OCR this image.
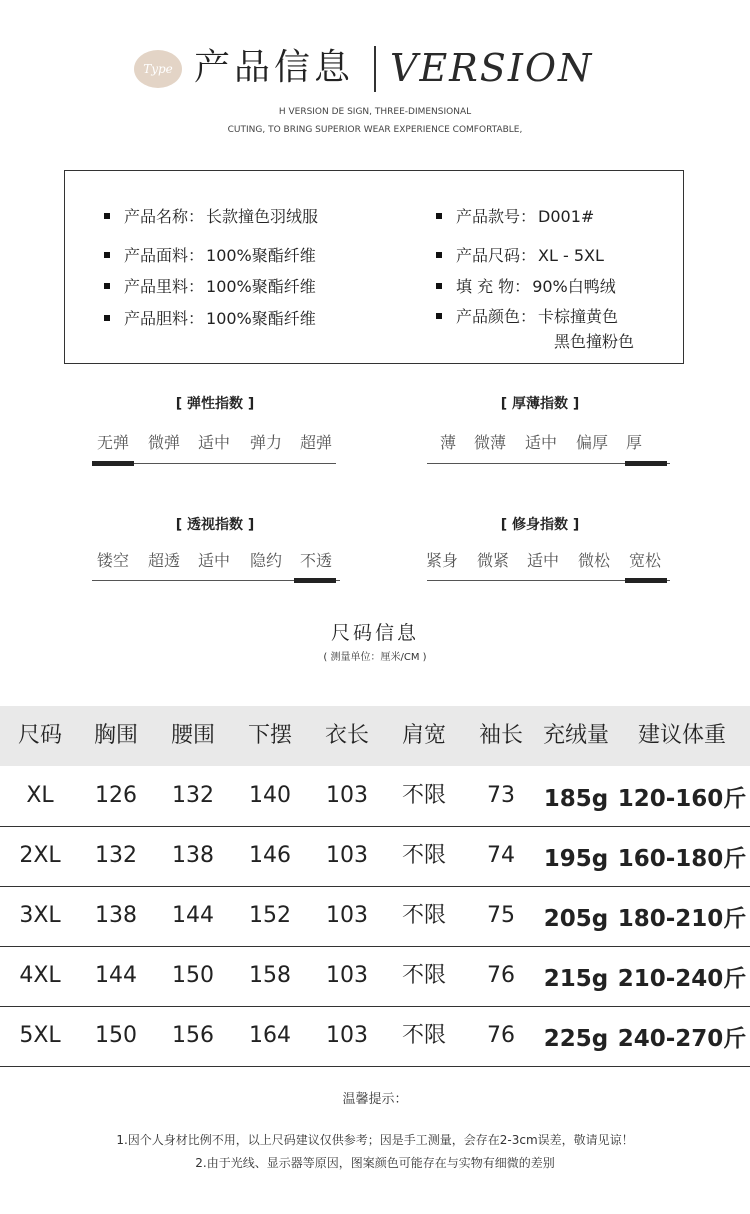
Type 产品信息 VERSION
H VERSION DE SIGN, THREE-DIMENSIONAL
CUTING, TO BRING SUPERIOR WEAR EXPERIENCE COMFORTABLE,
产品名称： 长款撞色羽绒服
产品面料： 100%聚酯纤维
产品里料： 100%聚酯纤维
产品胆料： 100%聚酯纤维
产品款号： D001#
产品尺码： XL - 5XL
填 充 物： 90%白鸭绒
产品颜色： 卡棕撞黄色
黑色撞粉色
[ 弹性指数 ]
无弹 微弹 适中 弹力 超弹
[ 厚薄指数 ]
薄 微薄 适中 偏厚 厚
[ 透视指数 ]
镂空 超透 适中 隐约 不透
[ 修身指数 ]
紧身 微紧 适中 微松 宽松
尺码信息
( 测量单位：厘米/CM )
尺码	胸围	腰围	下摆	衣长	肩宽	袖长 充绒量	建议体重
XL	126	132	140	103	不限	73	185g 120-160斤
2XL	132	138	146	103	不限	74	195g 160-180斤
3XL	138	144	152	103	不限	75	205g 180-210斤
4XL	144	150	158	103	不限	76	215g 210-240斤
5XL	150	156	164	103	不限	76	225g 240-270斤
温馨提示：
1.因个人身材比例不用，以上尺码建议仅供参考；因是手工测量，会存在2-3cm误差，敬请见谅！
2.由于光线、显示器等原因，图案颜色可能存在与实物有细微的差别
